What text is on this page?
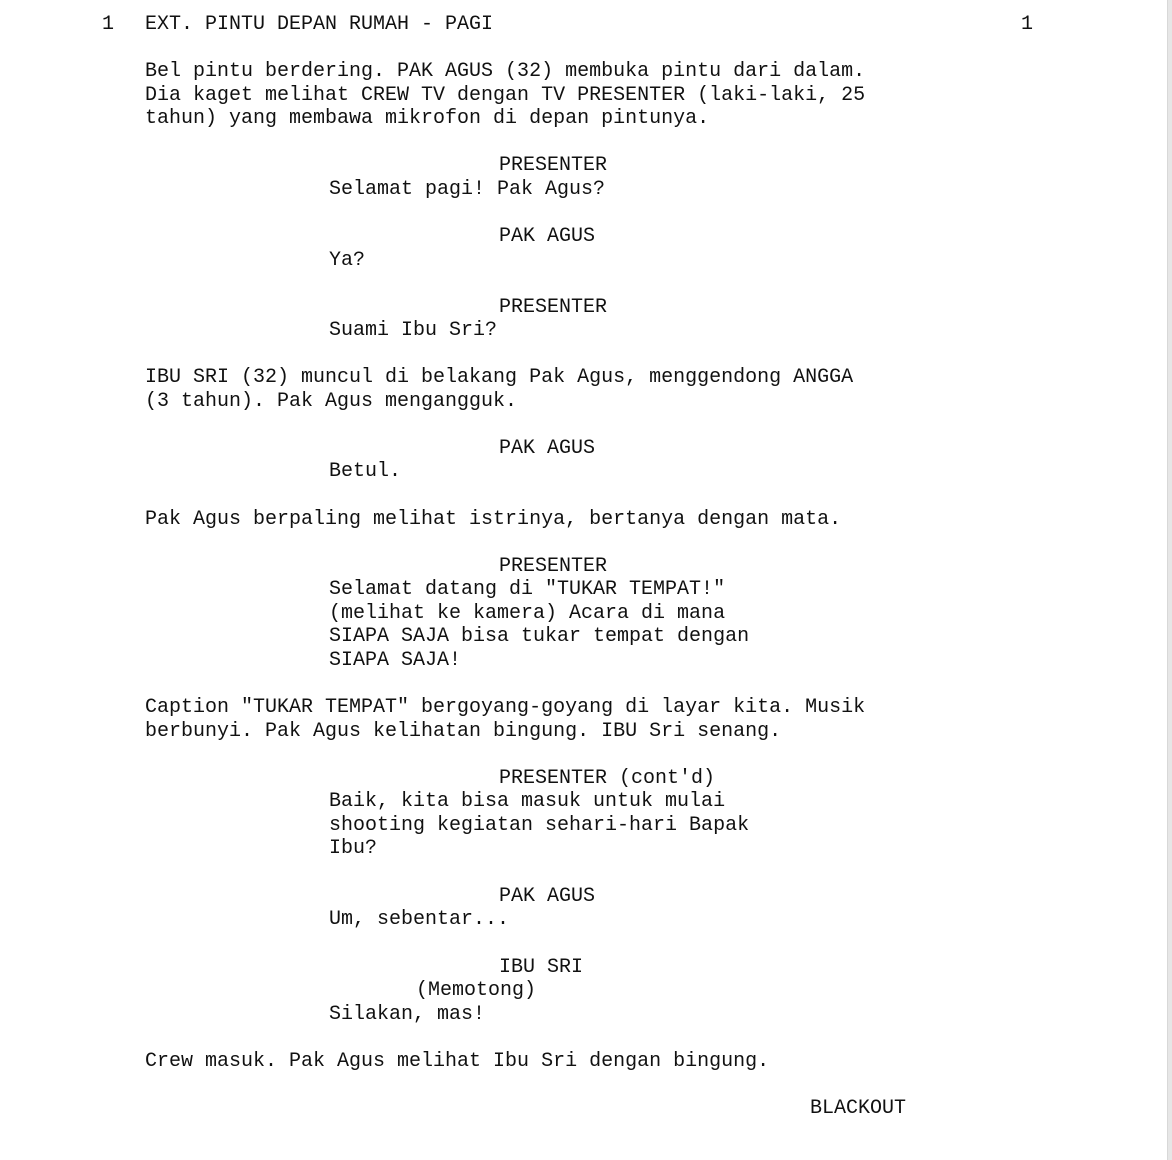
1 EXT. PINTU DEPAN RUMAH - PAGI	1
Bel pintu berdering. PAK AGUS (32) membuka pintu dari dalam.
Dia kaget melihat CREW TV dengan TV PRESENTER (laki-laki, 25
tahun) yang membawa mikrofon di depan pintunya.
PRESENTER
Selamat pagi! Pak Agus?
PAK AGUS
Ya?
PRESENTER
Suami Ibu Sri?
IBU SRI (32) muncul di belakang Pak Agus, menggendong ANGGA
(3 tahun). Pak Agus mengangguk.
PAK AGUS
Betul.
Pak Agus berpaling melihat istrinya, bertanya dengan mata.
PRESENTER
Selamat datang di "TUKAR TEMPAT!"
(melihat ke kamera) Acara di mana
SIAPA SAJA bisa tukar tempat dengan
SIAPA SAJA!
Caption "TUKAR TEMPAT" bergoyang-goyang di layar kita. Musik
berbunyi. Pak Agus kelihatan bingung. IBU Sri senang.
PRESENTER (cont'd)
Baik, kita bisa masuk untuk mulai
shooting kegiatan sehari-hari Bapak
Ibu?
PAK AGUS
Um, sebentar...
IBU SRI
(Memotong)
Silakan, mas!
Crew masuk. Pak Agus melihat Ibu Sri dengan bingung.
BLACKOUT
